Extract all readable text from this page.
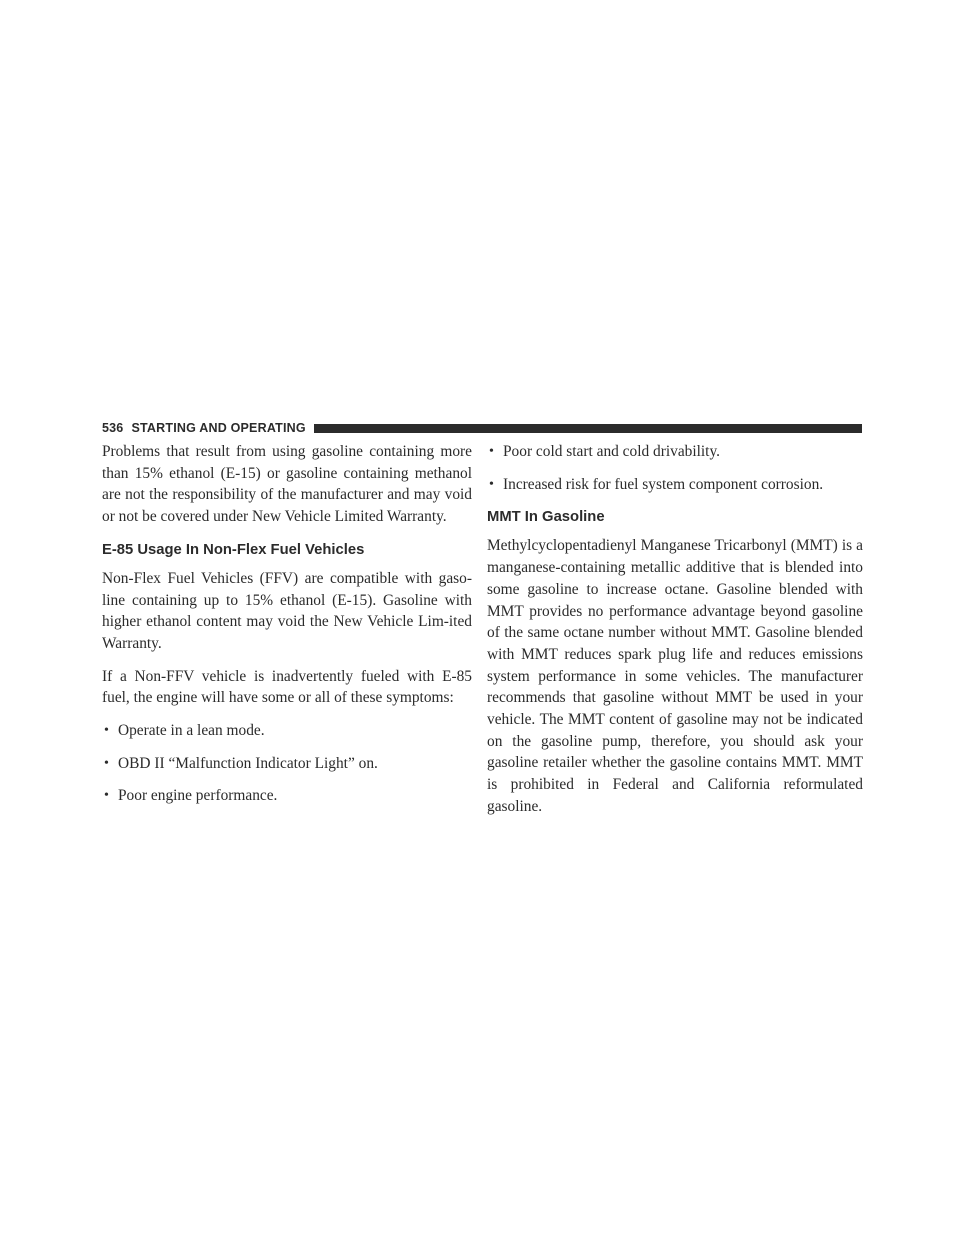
536 STARTING AND OPERATING

Problems that result from using gasoline containing more than 15% ethanol (E-15) or gasoline containing methanol are not the responsibility of the manufacturer and may void or not be covered under New Vehicle Limited Warranty.

E-85 Usage In Non-Flex Fuel Vehicles

Non-Flex Fuel Vehicles (FFV) are compatible with gaso-line containing up to 15% ethanol (E-15). Gasoline with higher ethanol content may void the New Vehicle Lim-ited Warranty.

If a Non-FFV vehicle is inadvertently fueled with E-85 fuel, the engine will have some or all of these symptoms:

• Operate in a lean mode.
• OBD II “Malfunction Indicator Light” on.
• Poor engine performance.
• Poor cold start and cold drivability.
• Increased risk for fuel system component corrosion.
MMT In Gasoline

Methylcyclopentadienyl Manganese Tricarbonyl (MMT) is a manganese-containing metallic additive that is blended into some gasoline to increase octane. Gasoline blended with MMT provides no performance advantage beyond gasoline of the same octane number without MMT. Gasoline blended with MMT reduces spark plug life and reduces emissions system performance in some vehicles. The manufacturer recommends that gasoline without MMT be used in your vehicle. The MMT content of gasoline may not be indicated on the gasoline pump, therefore, you should ask your gasoline retailer whether the gasoline contains MMT. MMT is prohibited in Federal and California reformulated gasoline.
